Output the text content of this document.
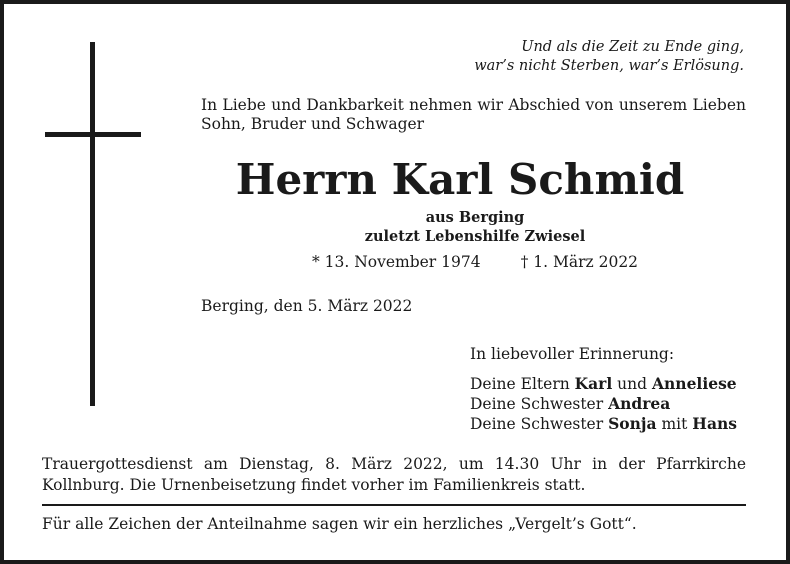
Und als die Zeit zu Ende ging,
war’s nicht Sterben, war’s Erlösung.
In Liebe und Dankbarkeit nehmen wir Abschied von unserem Lieben Sohn, Bruder und Schwager
Herrn Karl Schmid
aus Berging
zuletzt Lebenshilfe Zwiesel
* 13. November 1974	† 1. März 2022
Berging, den 5. März 2022
In liebevoller Erinnerung:
Deine Eltern Karl und Anneliese
Deine Schwester Andrea
Deine Schwester Sonja mit Hans
Trauergottesdienst am Dienstag, 8. März 2022, um 14.30 Uhr in der Pfarrkirche Kollnburg. Die Urnenbeisetzung findet vorher im Familienkreis statt.
Für alle Zeichen der Anteilnahme sagen wir ein herzliches „Vergelt’s Gott“.
